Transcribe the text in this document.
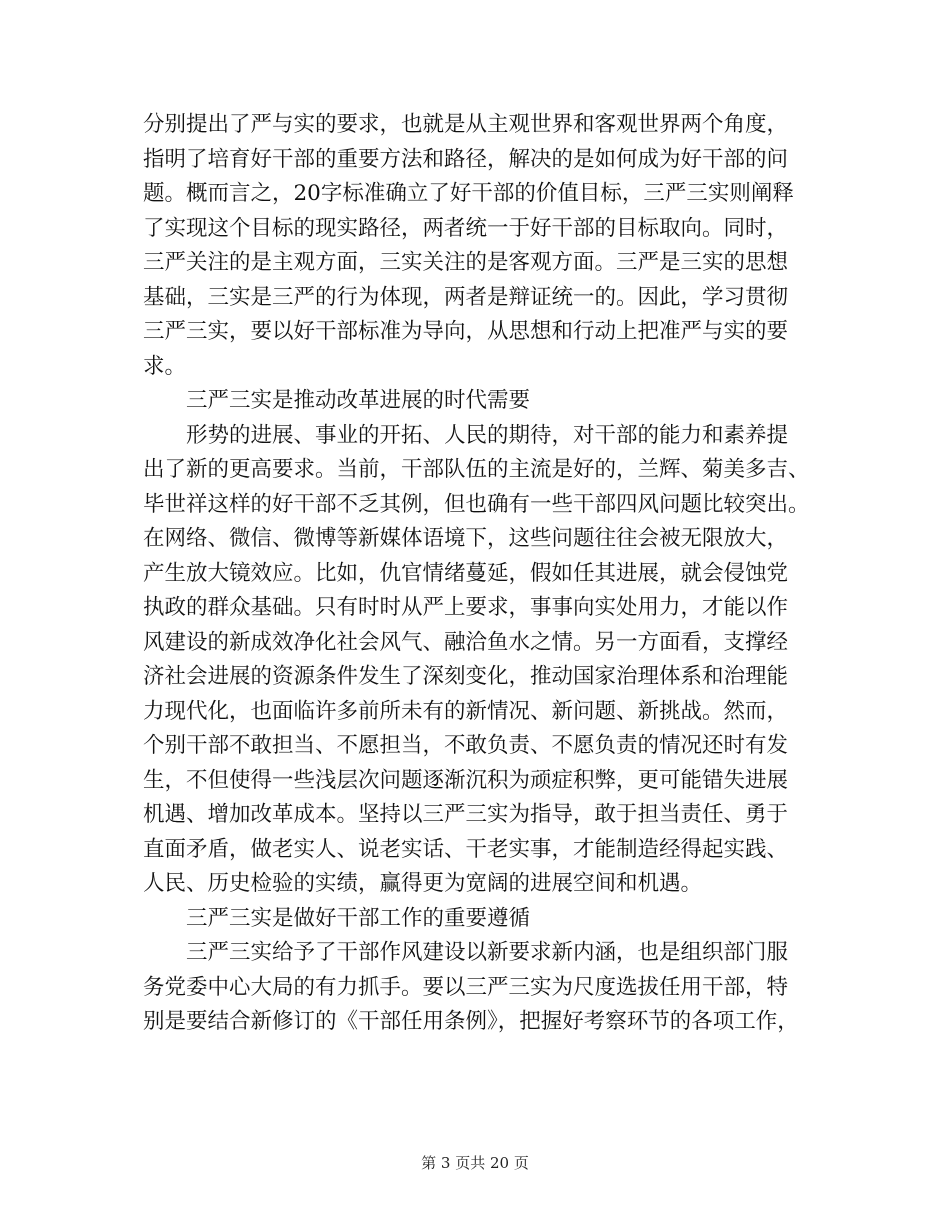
分别提出了严与实的要求，也就是从主观世界和客观世界两个角度，
指明了培育好干部的重要方法和路径，解决的是如何成为好干部的问
题。概而言之，20字标准确立了好干部的价值目标，三严三实则阐释
了实现这个目标的现实路径，两者统一于好干部的目标取向。同时，
三严关注的是主观方面，三实关注的是客观方面。三严是三实的思想
基础，三实是三严的行为体现，两者是辩证统一的。因此，学习贯彻
三严三实，要以好干部标准为导向，从思想和行动上把准严与实的要
求。
三严三实是推动改革进展的时代需要
形势的进展、事业的开拓、人民的期待，对干部的能力和素养提
出了新的更高要求。当前，干部队伍的主流是好的，兰辉、菊美多吉、
毕世祥这样的好干部不乏其例，但也确有一些干部四风问题比较突出。
在网络、微信、微博等新媒体语境下，这些问题往往会被无限放大，
产生放大镜效应。比如，仇官情绪蔓延，假如任其进展，就会侵蚀党
执政的群众基础。只有时时从严上要求，事事向实处用力，才能以作
风建设的新成效净化社会风气、融洽鱼水之情。另一方面看，支撑经
济社会进展的资源条件发生了深刻变化，推动国家治理体系和治理能
力现代化，也面临许多前所未有的新情况、新问题、新挑战。然而，
个别干部不敢担当、不愿担当，不敢负责、不愿负责的情况还时有发
生，不但使得一些浅层次问题逐渐沉积为顽症积弊，更可能错失进展
机遇、增加改革成本。坚持以三严三实为指导，敢于担当责任、勇于
直面矛盾，做老实人、说老实话、干老实事，才能制造经得起实践、
人民、历史检验的实绩，赢得更为宽阔的进展空间和机遇。
三严三实是做好干部工作的重要遵循
三严三实给予了干部作风建设以新要求新内涵，也是组织部门服
务党委中心大局的有力抓手。要以三严三实为尺度选拔任用干部，特
别是要结合新修订的《干部任用条例》，把握好考察环节的各项工作，
第 3 页共 20 页
